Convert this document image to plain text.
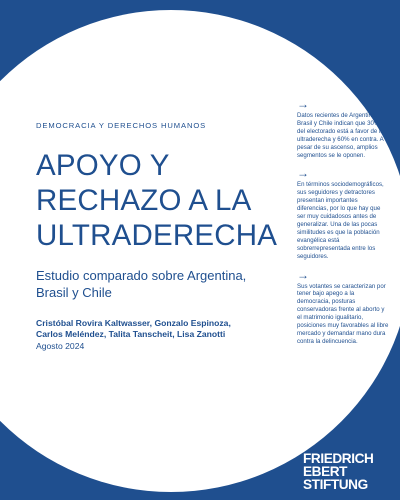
DEMOCRACIA Y DERECHOS HUMANOS
APOYO Y
RECHAZO A LA
ULTRADERECHA
Estudio comparado sobre Argentina, Brasil y Chile
Cristóbal Rovira Kaltwasser, Gonzalo Espinoza, Carlos Meléndez, Talita Tanscheit, Lisa Zanotti
Agosto 2024
→
Datos recientes de Argentina, Brasil y Chile indican que 30% del electorado está a favor de la ultraderecha y 60% en contra. A pesar de su ascenso, amplios segmentos se le oponen.
→
En términos sociodemográficos, sus seguidores y detractores presentan importantes diferencias, por lo que hay que ser muy cuidadosos antes de generalizar. Una de las pocas similitudes es que la población evangélica está sobrerrepresentada entre los seguidores.
→
Sus votantes se caracterizan por tener bajo apego a la democracia, posturas conservadoras frente al aborto y el matrimonio igualitario, posiciones muy favorables al libre mercado y demandar mano dura contra la delincuencia.
FRIEDRICH
EBERT
STIFTUNG
